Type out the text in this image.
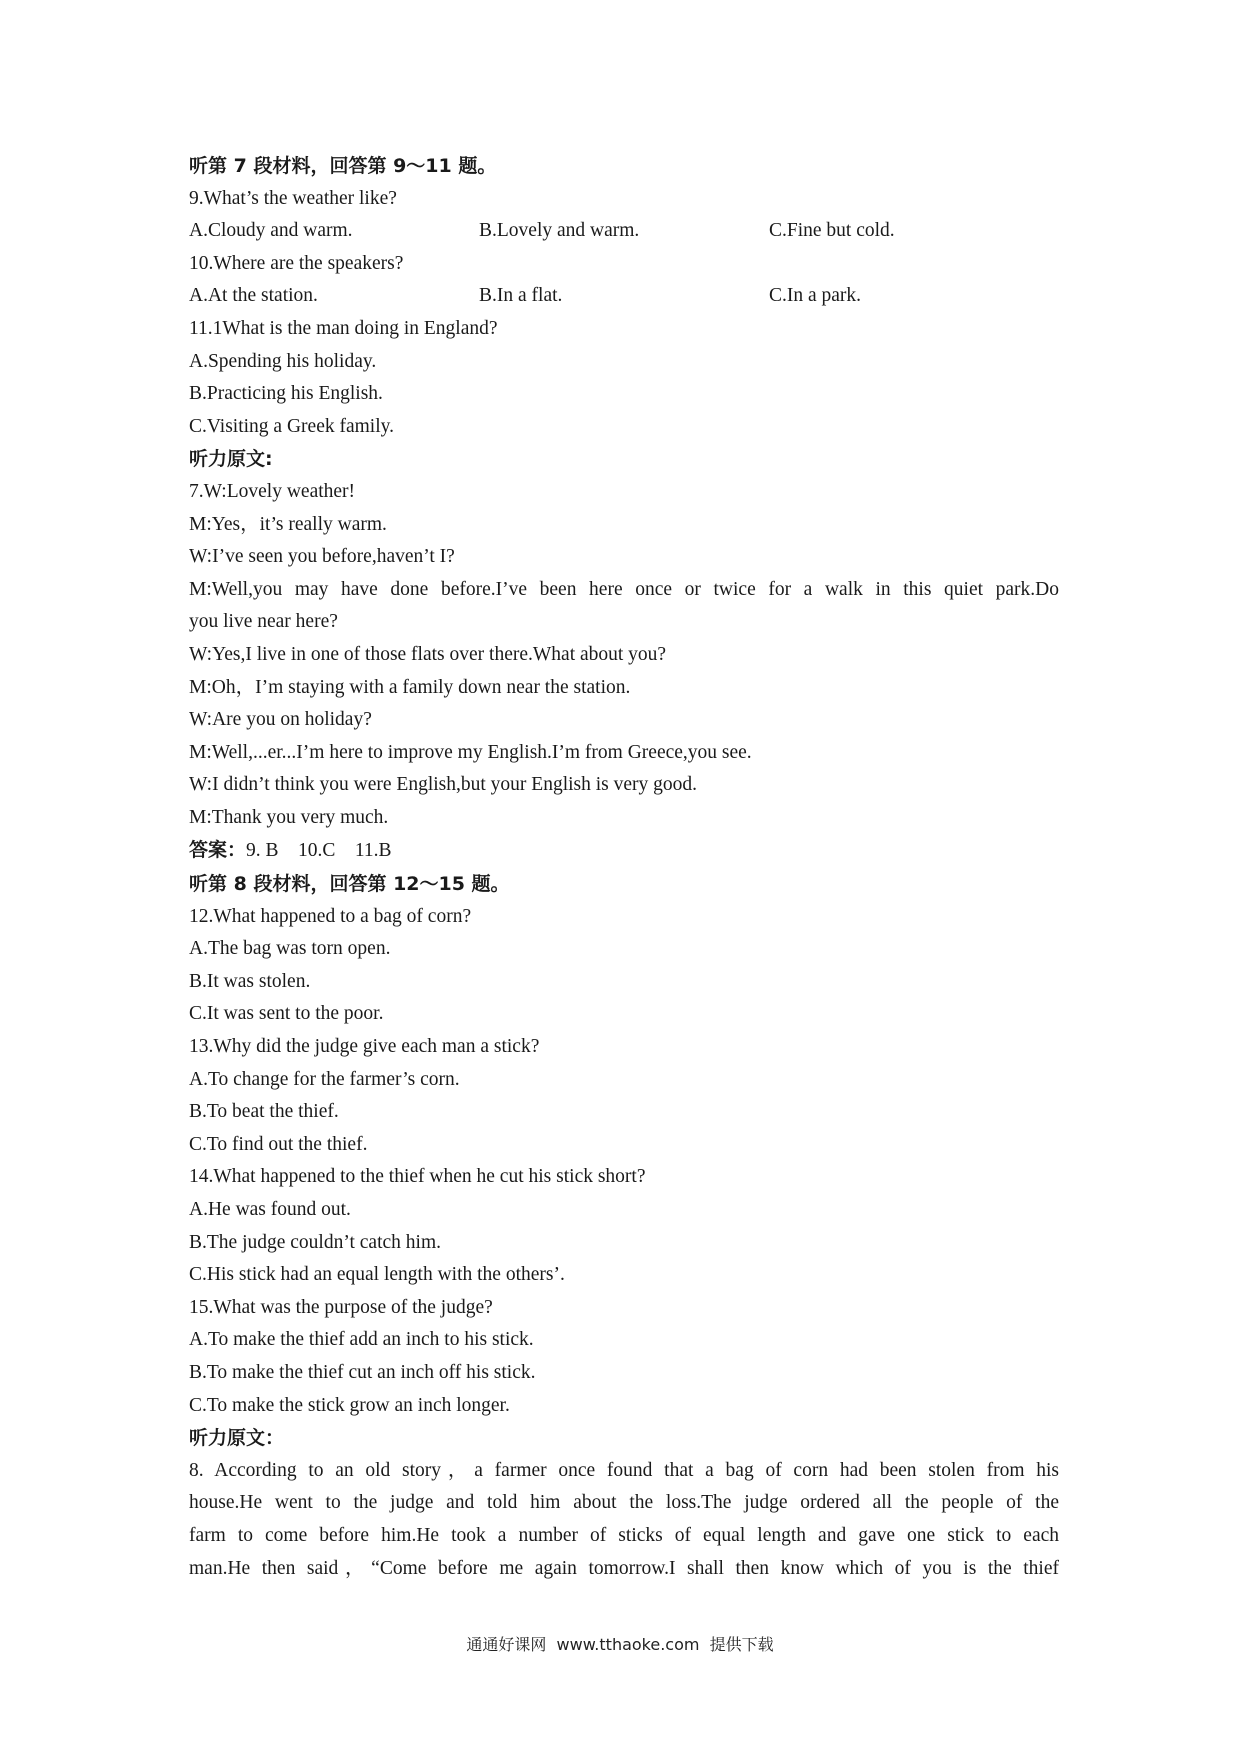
听第 7 段材料，回答第 9～11 题。
9.What’s the weather like?
A.Cloudy and warm.	B.Lovely and warm.	C.Fine but cold.
10.Where are the speakers?
A.At the station.	B.In a flat.	C.In a park.
11.1What is the man doing in England?
A.Spending his holiday.
B.Practicing his English.
C.Visiting a Greek family.
听力原文:
7.W:Lovely weather!
M:Yes，it’s really warm.
W:I’ve seen you before,haven’t I?
M:Well,you may have done before.I’ve been here once or twice for a walk in this quiet park.Do
you live near here?
W:Yes,I live in one of those flats over there.What about you?
M:Oh，I’m staying with a family down near the station.
W:Are you on holiday?
M:Well,...er...I’m here to improve my English.I’m from Greece,you see.
W:I didn’t think you were English,but your English is very good.
M:Thank you very much.
答案：9. B    10.C    11.B
听第 8 段材料，回答第 12～15 题。
12.What happened to a bag of corn?
A.The bag was torn open.
B.It was stolen.
C.It was sent to the poor.
13.Why did the judge give each man a stick?
A.To change for the farmer’s corn.
B.To beat the thief.
C.To find out the thief.
14.What happened to the thief when he cut his stick short?
A.He was found out.
B.The judge couldn’t catch him.
C.His stick had an equal length with the others’.
15.What was the purpose of the judge?
A.To make the thief add an inch to his stick.
B.To make the thief cut an inch off his stick.
C.To make the stick grow an inch longer.
听力原文：
8. According to an old story，a farmer once found that a bag of corn had been stolen from his
house.He went to the judge and told him about the loss.The judge ordered all the people of the
farm to come before him.He took a number of sticks of equal length and gave one stick to each
man.He then said，“Come before me again tomorrow.I shall then know which of you is the thief
通通好课网  www.tthaoke.com  提供下载
